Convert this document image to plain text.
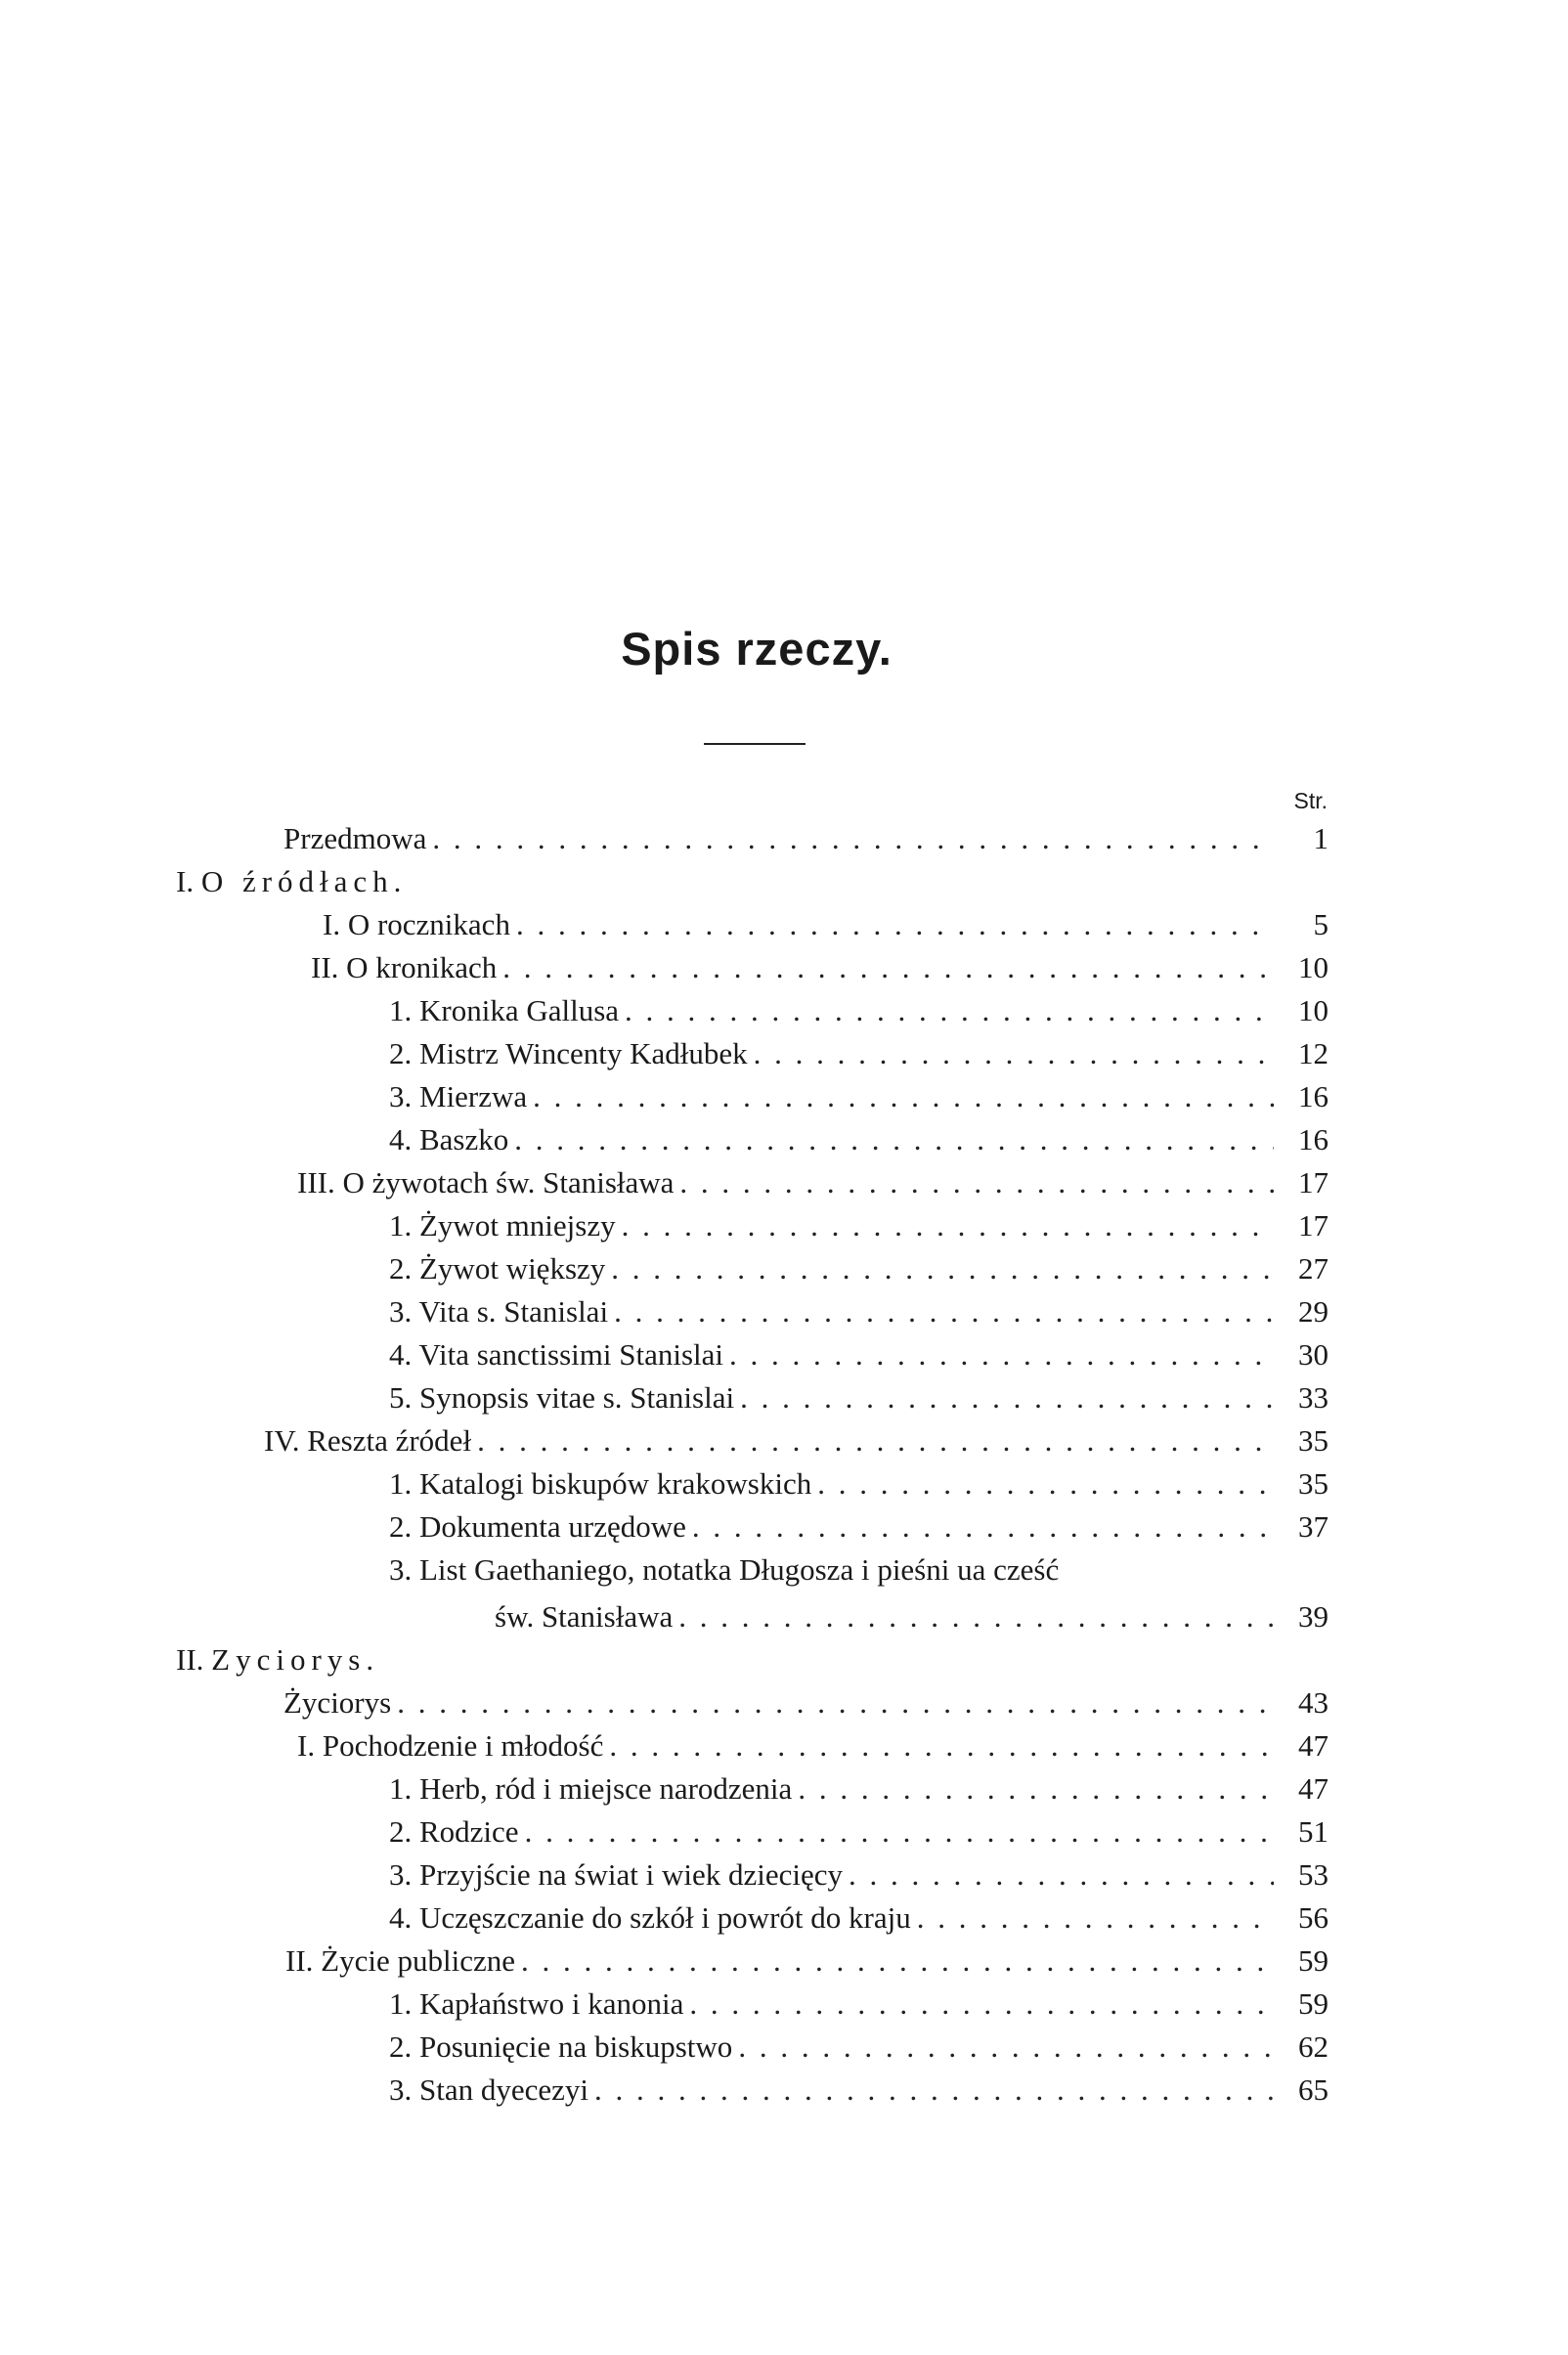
Spis rzeczy.
Str.
Przedmowa . . .	1
I. O źródłach.
I. O rocznikach . . .	5
II. O kronikach . . .	10
1. Kronika Gallusa . . .	10
2. Mistrz Wincenty Kadłubek . . .	12
3. Mierzwa . . .	16
4. Baszko . . .	16
III. O żywotach św. Stanisława . . .	17
1. Żywot mniejszy . . .	17
2. Żywot większy . . .	27
3. Vita s. Stanislai . . .	29
4. Vita sanctissimi Stanislai . . .	30
5. Synopsis vitae s. Stanislai . . .	33
IV. Reszta źródeł . . .	35
1. Katalogi biskupów krakowskich . . .	35
2. Dokumenta urzędowe . . .	37
3. List Gaethaniego, notatka Długosza i pieśni ua cześć
św. Stanisława . . .	39
II. Zyciorys.
Życiorys . . .	43
I. Pochodzenie i młodość . . .	47
1. Herb, ród i miejsce narodzenia . . .	47
2. Rodzice . . .	51
3. Przyjście na świat i wiek dziecięcy . . .	53
4. Uczęszczanie do szkół i powrót do kraju . . .	56
II. Życie publiczne . . .	59
1. Kapłaństwo i kanonia . . .	59
2. Posunięcie na biskupstwo . . .	62
3. Stan dyecezyi . . .	65
